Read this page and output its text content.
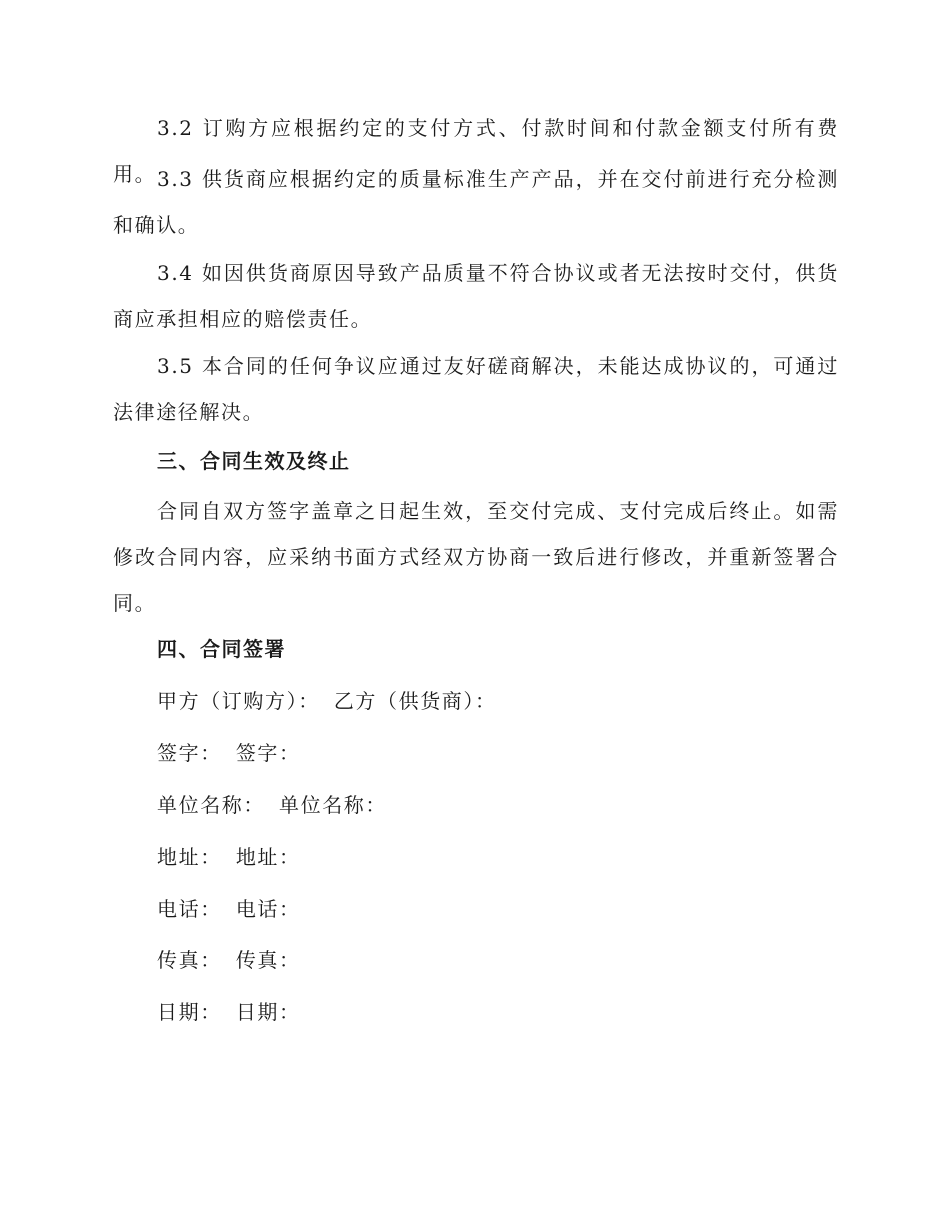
3.2 订购方应根据约定的支付方式、付款时间和付款金额支付所有费用。 3.3 供货商应根据约定的质量标准生产产品，并在交付前进行充分检测和确认。

3.4 如因供货商原因导致产品质量不符合协议或者无法按时交付，供货商应承担相应的赔偿责任。

3.5 本合同的任何争议应通过友好磋商解决，未能达成协议的，可通过法律途径解决。

三、合同生效及终止

合同自双方签字盖章之日起生效，至交付完成、支付完成后终止。如需修改合同内容，应采纳书面方式经双方协商一致后进行修改，并重新签署合同。

四、合同签署

甲方（订购方）： 乙方（供货商）：

签字： 签字：

单位名称： 单位名称：

地址： 地址：

电话： 电话：

传真： 传真：

日期： 日期：
